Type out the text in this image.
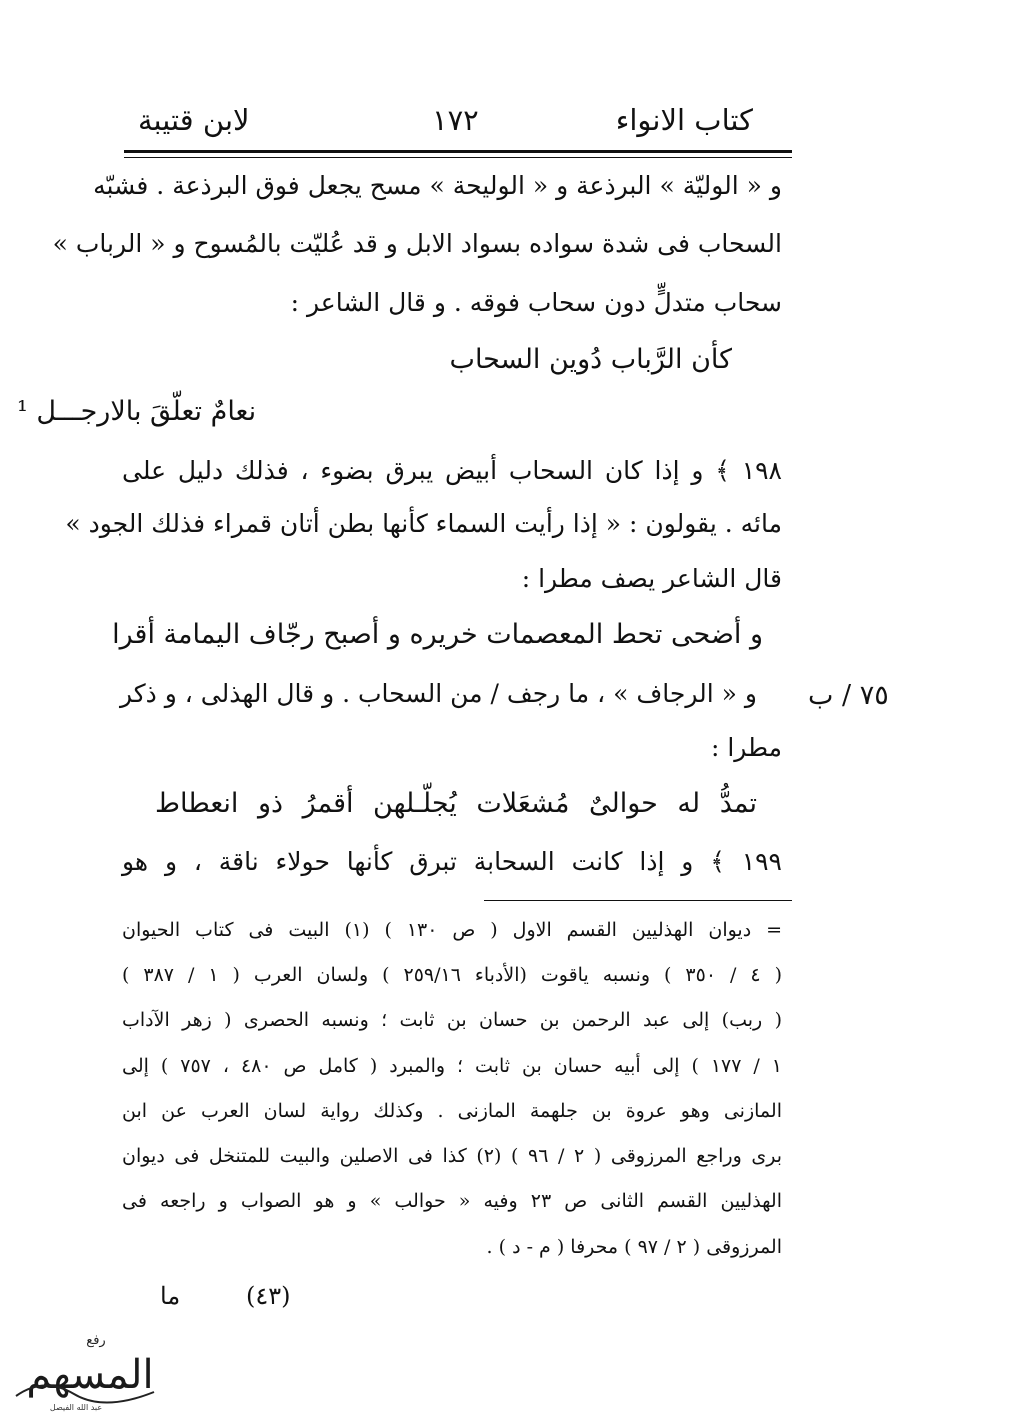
كتاب الانواء
١٧٢
لابن قتيبة
و « الوليّة » البرذعة و « الوليحة » مسح يجعل فوق البرذعة . فشبّه
السحاب فى شدة سواده بسواد الابل و قد عُليّت بالمُسوح و « الرباب »
سحاب متدلٍّ دون سحاب فوقه . و قال الشاعر :
كأن الرَّباب دُوين السحاب
نعامٌ تعلّقَ بالارجـــل ¹
١٩٨ ﴾ و إذا كان السحاب أبيض يبرق بضوء ، فذلك دليل على
مائه . يقولون : « إذا رأيت السماء كأنها بطن أتان قمراء فذلك الجود »
قال الشاعر يصف مطرا :
و أضحى تحط المعصمات خريره و أصبح رجّاف اليمامة أقرا
و « الرجاف » ، ما رجف / من السحاب . و قال الهذلى ، و ذكر
مطرا :
تمدُّ له حوالىٌ مُشعَلات يُجلّـلهن أقمرُ ذو انعطاط
١٩٩ ﴾ و إذا كانت السحابة تبرق كأنها حولاء ناقة ، و هو
٧٥ / ب
= ديوان الهذليين القسم الاول ( ص ١٣٠ ) (١) البيت فى كتاب الحيوان
( ٤ / ٣٥٠ ) ونسبه ياقوت (الأدباء ٢٥٩/١٦ ) ولسان العرب ( ١ / ٣٨٧ )
( ربب) إلى عبد الرحمن بن حسان بن ثابت ؛ ونسبه الحصرى ( زهر الآداب
١ / ١٧٧ ) إلى أبيه حسان بن ثابت ؛ والمبرد ( كامل ص ٤٨٠ ، ٧٥٧ ) إلى
المازنى وهو عروة بن جلهمة المازنى . وكذلك رواية لسان العرب عن ابن
برى وراجع المرزوقى ( ٢ / ٩٦ ) (٢) كذا فى الاصلين والبيت للمتنخل فى ديوان
الهذليين القسم الثانى ص ٢٣ وفيه « حوالب » و هو الصواب و راجعه فى
المرزوقى ( ٢ / ٩٧ ) محرفا ( م - د ) .
(٤٣)
ما
رفع
المسهم
عبد الله الفيصل
